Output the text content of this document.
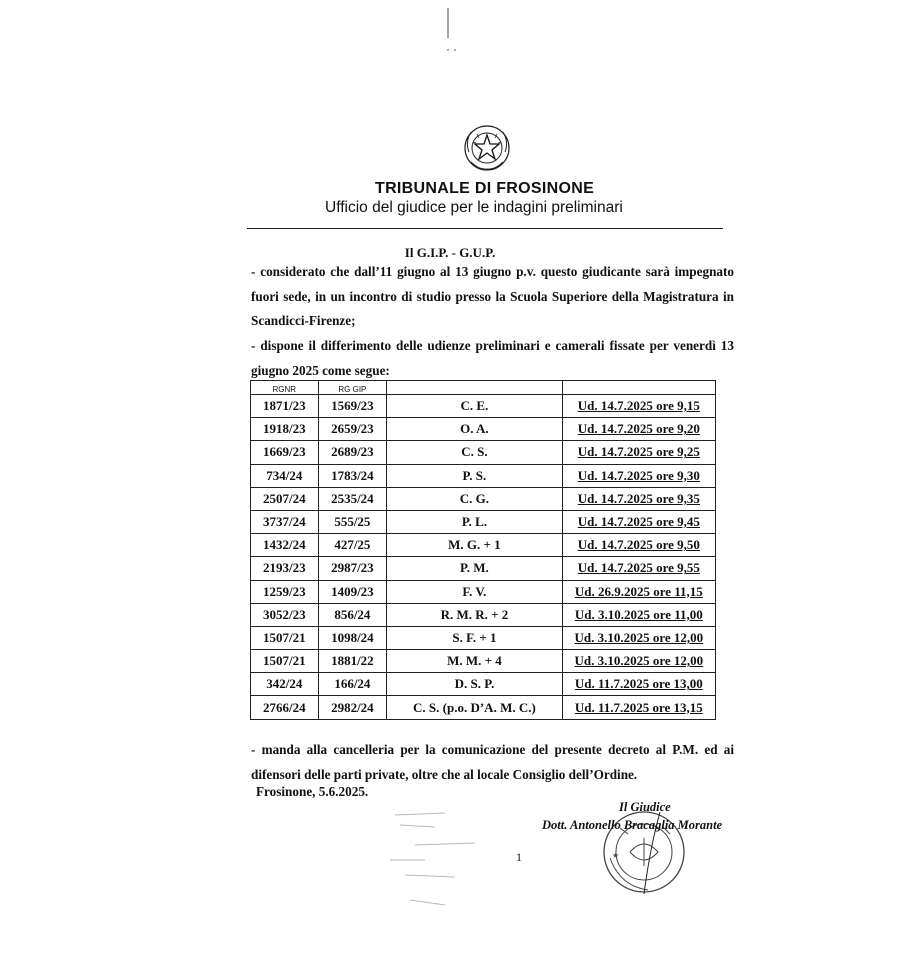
TRIBUNALE DI FROSINONE
Ufficio del giudice per le indagini preliminari
Il G.I.P. - G.U.P.
- considerato che dall’11 giugno al 13 giugno p.v. questo giudicante sarà impegnato fuori sede, in un incontro di studio presso la Scuola Superiore della Magistratura in Scandicci-Firenze;
- dispone il differimento delle udienze preliminari e camerali fissate per venerdì 13 giugno 2025 come segue:
RGNR	RG GIP		
1871/23	1569/23	C. E.	Ud. 14.7.2025 ore 9,15
1918/23	2659/23	O. A.	Ud. 14.7.2025 ore 9,20
1669/23	2689/23	C. S.	Ud. 14.7.2025 ore 9,25
734/24	1783/24	P. S.	Ud. 14.7.2025 ore 9,30
2507/24	2535/24	C. G.	Ud. 14.7.2025 ore 9,35
3737/24	555/25	P. L.	Ud. 14.7.2025 ore 9,45
1432/24	427/25	M. G. + 1	Ud. 14.7.2025 ore 9,50
2193/23	2987/23	P. M.	Ud. 14.7.2025 ore 9,55
1259/23	1409/23	F. V.	Ud. 26.9.2025 ore 11,15
3052/23	856/24	R. M. R. + 2	Ud. 3.10.2025 ore 11,00
1507/21	1098/24	S. F. + 1	Ud. 3.10.2025 ore 12,00
1507/21	1881/22	M. M. + 4	Ud. 3.10.2025 ore 12,00
342/24	166/24	D. S. P.	Ud. 11.7.2025 ore 13,00
2766/24	2982/24	C. S. (p.o. D’A. M. C.)	Ud. 11.7.2025 ore 13,15
- manda alla cancelleria per la comunicazione del presente decreto al P.M. ed ai difensori delle parti private, oltre che al locale Consiglio dell’Ordine.
Frosinone, 5.6.2025.
1	★
Il Giudice
Dott. Antonello Bracaglia Morante
